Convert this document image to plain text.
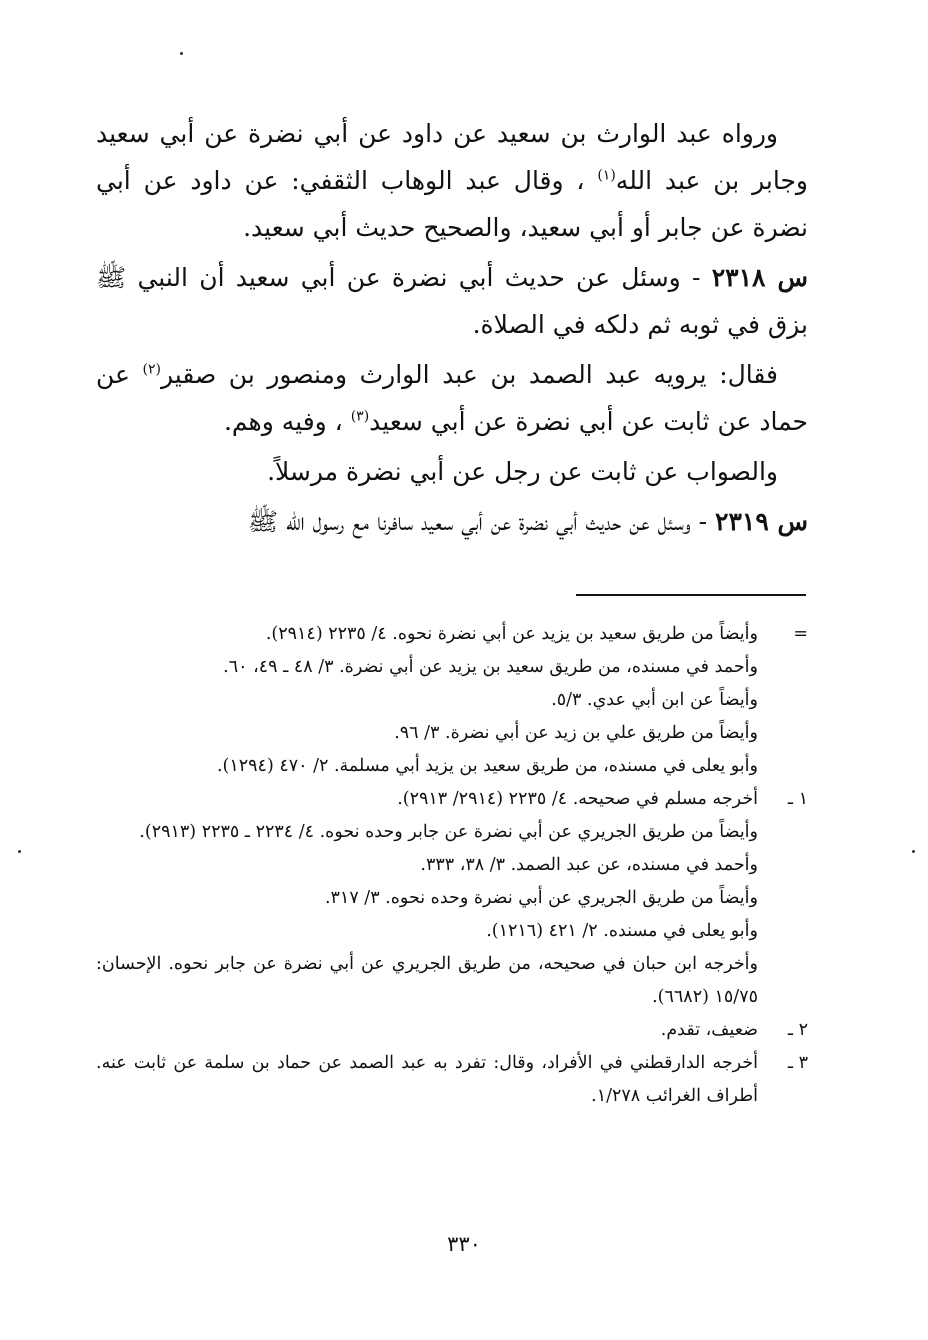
ورواه عبد الوارث بن سعيد عن داود عن أبي نضرة عن أبي سعيد وجابر بن عبد الله$^{(١)}$ ، وقال عبد الوهاب الثقفي: عن داود عن أبي نضرة عن جابر أو أبي سعيد، والصحيح حديث أبي سعيد.

س ٢٣١٨ - وسئل عن حديث أبي نضرة عن أبي سعيد أن النبي ﷺ بزق في ثوبه ثم دلكه في الصلاة.

فقال: يرويه عبد الصمد بن عبد الوارث ومنصور بن صقير$^{(٢)}$ عن حماد عن ثابت عن أبي نضرة عن أبي سعيد$^{(٣)}$ ، وفيه وهم.

والصواب عن ثابت عن رجل عن أبي نضرة مرسلاً.

س ٢٣١٩ - وسئل عن حديث أبي نضرة عن أبي سعيد سافرنا مع رسول الله ﷺ

=
وأيضاً من طريق سعيد بن يزيد عن أبي نضرة نحوه. ٤/ ٢٢٣٥ (٢٩١٤).
وأحمد في مسنده، من طريق سعيد بن يزيد عن أبي نضرة. ٣/ ٤٨ ـ ٤٩، ٦٠.
وأيضاً عن ابن أبي عدي. ٥/٣.
وأيضاً من طريق علي بن زيد عن أبي نضرة. ٣/ ٩٦.
وأبو يعلى في مسنده، من طريق سعيد بن يزيد أبي مسلمة. ٢/ ٤٧٠ (١٢٩٤).
١ ـ
أخرجه مسلم في صحيحه. ٤/ ٢٢٣٥ (٢٩١٤/ ٢٩١٣).
وأيضاً من طريق الجريري عن أبي نضرة عن جابر وحده نحوه. ٤/ ٢٢٣٤ ـ ٢٢٣٥ (٢٩١٣).
وأحمد في مسنده، عن عبد الصمد. ٣/ ٣٨، ٣٣٣.
وأيضاً من طريق الجريري عن أبي نضرة وحده نحوه. ٣/ ٣١٧.
وأبو يعلى في مسنده. ٢/ ٤٢١ (١٢١٦).
وأخرجه ابن حبان في صحيحه، من طريق الجريري عن أبي نضرة عن جابر نحوه. الإحسان: ١٥/٧٥ (٦٦٨٢).
٢ ـ
ضعيف، تقدم.
٣ ـ
أخرجه الدارقطني في الأفراد، وقال: تفرد به عبد الصمد عن حماد بن سلمة عن ثابت عنه. أطراف الغرائب ١/٢٧٨.
٣٣٠
